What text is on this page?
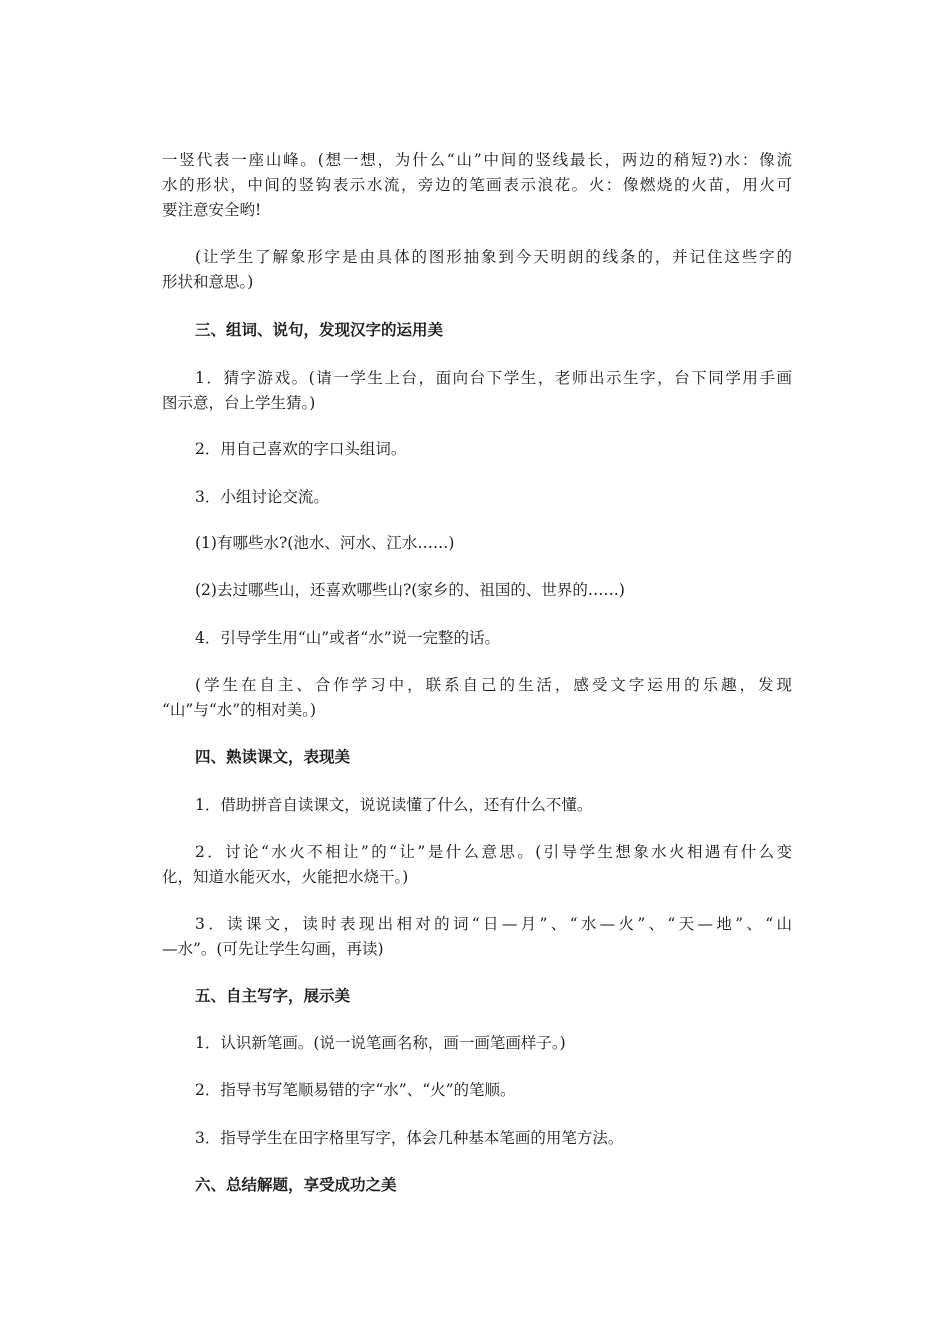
一竖代表一座山峰。(想一想，为什么“山”中间的竖线最长，两边的稍短?)水：像流
水的形状，中间的竖钩表示水流，旁边的笔画表示浪花。火：像燃烧的火苗，用火可
要注意安全哟!

(让学生了解象形字是由具体的图形抽象到今天明朗的线条的，并记住这些字的
形状和意思。)

三、组词、说句，发现汉字的运用美

1．猜字游戏。(请一学生上台，面向台下学生，老师出示生字，台下同学用手画
图示意，台上学生猜。)

2．用自己喜欢的字口头组词。

3．小组讨论交流。

(1)有哪些水?(池水、河水、江水……)

(2)去过哪些山，还喜欢哪些山?(家乡的、祖国的、世界的……)

4．引导学生用“山”或者“水”说一完整的话。

(学生在自主、合作学习中，联系自己的生活，感受文字运用的乐趣，发现
“山”与“水”的相对美。)

四、熟读课文，表现美

1．借助拼音自读课文，说说读懂了什么，还有什么不懂。

2．讨论“水火不相让”的“让”是什么意思。(引导学生想象水火相遇有什么变
化，知道水能灭水，火能把水烧干。)

3．读课文，读时表现出相对的词“日—月”、“水—火”、“天—地”、“山
—水”。(可先让学生勾画，再读)

五、自主写字，展示美

1．认识新笔画。(说一说笔画名称，画一画笔画样子。)

2．指导书写笔顺易错的字“水”、“火”的笔顺。

3．指导学生在田字格里写字，体会几种基本笔画的用笔方法。

六、总结解题，享受成功之美
